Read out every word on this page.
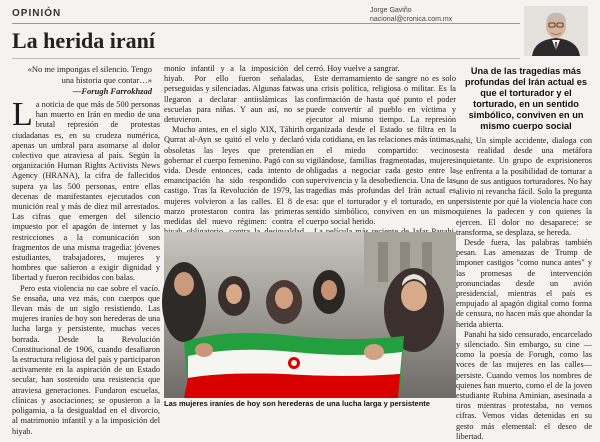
OPINIÓN	Jorge Gaviño
nacional@cronica.com.mx
La herida iraní
«No me impongas el silencio. Tengo una historia que contar…»
—Forugh Farrokhzad

La noticia de que más de 500 personas han muerto en Irán en medio de una brutal represión de protestas ciudadanas es, en su crudeza numérica, apenas un umbral para asomarse al dolor colectivo que atraviesa al país. Según la organización Human Rights Activists News Agency (HRANA), la cifra de fallecidos supera ya las 500 personas, entre ellas decenas de manifestantes ejecutados con munición real y más de diez mil arrestados. Las cifras que emergen del silencio impuesto por el apagón de internet y las restricciones a la comunicación son fragmentos de una misma tragedia: jóvenes estudiantes, trabajadores, mujeres y hombres que salieron a exigir dignidad y libertad y fueron recibidos con balas.

Pero esta violencia no cae sobre el vacío. Se ensaña, una vez más, con cuerpos que llevan más de un siglo resistiendo. Las mujeres iraníes de hoy son herederas de una lucha larga y persistente, muchas veces borrada. Desde la Revolución Constitucional de 1906, cuando desafiaron la estructura religiosa del país y participaron activamente en la aspiración de un Estado secular, han sostenido una resistencia que atraviesa generaciones. Fundaron escuelas, clínicas y asociaciones; se opusieron a la poligamia, a la desigualdad en el divorcio, al matrimonio infantil y a la imposición del hiyab.

monio infantil y a la imposición del hiyab. Por ello fueron señaladas, perseguidas y silenciadas. Algunas fatwas llegaron a declarar antiislámicas las escuelas para niñas. Y aun así, no se detuvieron.

Mucho antes, en el siglo XIX, Táhirih Qurrat al-Ayn se quitó el velo y declaró obsoletas las leyes que pretendían gobernar el cuerpo femenino. Pagó con su vida. Desde entonces, cada intento de emancipación ha sido respondido con castigo. Tras la Revolución de 1979, las mujeres volvieron a las calles. El 8 de marzo protestaron contra las primeras medidas del nuevo régimen: contra el

cerró. Hoy vuelve a sangrar.

Este derramamiento de sangre no es solo una crisis política, religiosa o militar. Es la confirmación de hasta qué punto el poder puede convertir al pueblo en víctima y ejecutor al mismo tiempo. La represión organizada desde el Estado se filtra en la vida cotidiana, en las relaciones más íntimas, en el miedo compartido: vecinos vigilándose, familias fragmentadas, mujeres obligadas a negociar cada gesto entre la supervivencia y la desobediencia. Una de las tragedias más profundas del Irán actual es esa: que el torturador y el torturado, en un sentido simbólico, conviven en un mismo cuerpo social herido.

Una de las tragedias más profundas del Irán actual es que el torturador y el torturado, en un sentido simbólico, conviven en un mismo cuerpo social

nahi, Un simple accidente, dialoga con esta realidad desde una metáfora inquietante. Un grupo de exprisioneros se enfrenta a la posibilidad de torturar a uno de sus antiguos torturadores. No hay alivio ni revancha fácil. Solo la pregunta persistente por qué la violencia hace con quienes la padecen y con quienes la ejercen. El dolor no desaparece: se transforma, se desplaza, se hereda.

Desde fuera, las palabras también pesan. Las amenazas de Trump de imponer castigos "como nunca antes" y las promesas de intervención pronunciadas desde un avión presidencial, mientras el país es empujado al apagón digital como forma de censura, no hacen más que ahondar la herida abierta.

Panahi ha sido censurado, encarcelado y silenciado. Sin embargo, su cine —como la poesía de Forugh, como las voces de las mujeres en las calles— persiste. Cuando vemos los nombres de quienes han muerto, como el de la joven estudiante Rubina Aminian, asesinada a tiros mientras protestaba, no vemos cifras. Vemos vidas detenidas en su gesto más elemental: el deseo de libertad.

Las mujeres iraníes de hoy son herederas de una lucha larga y persistente
